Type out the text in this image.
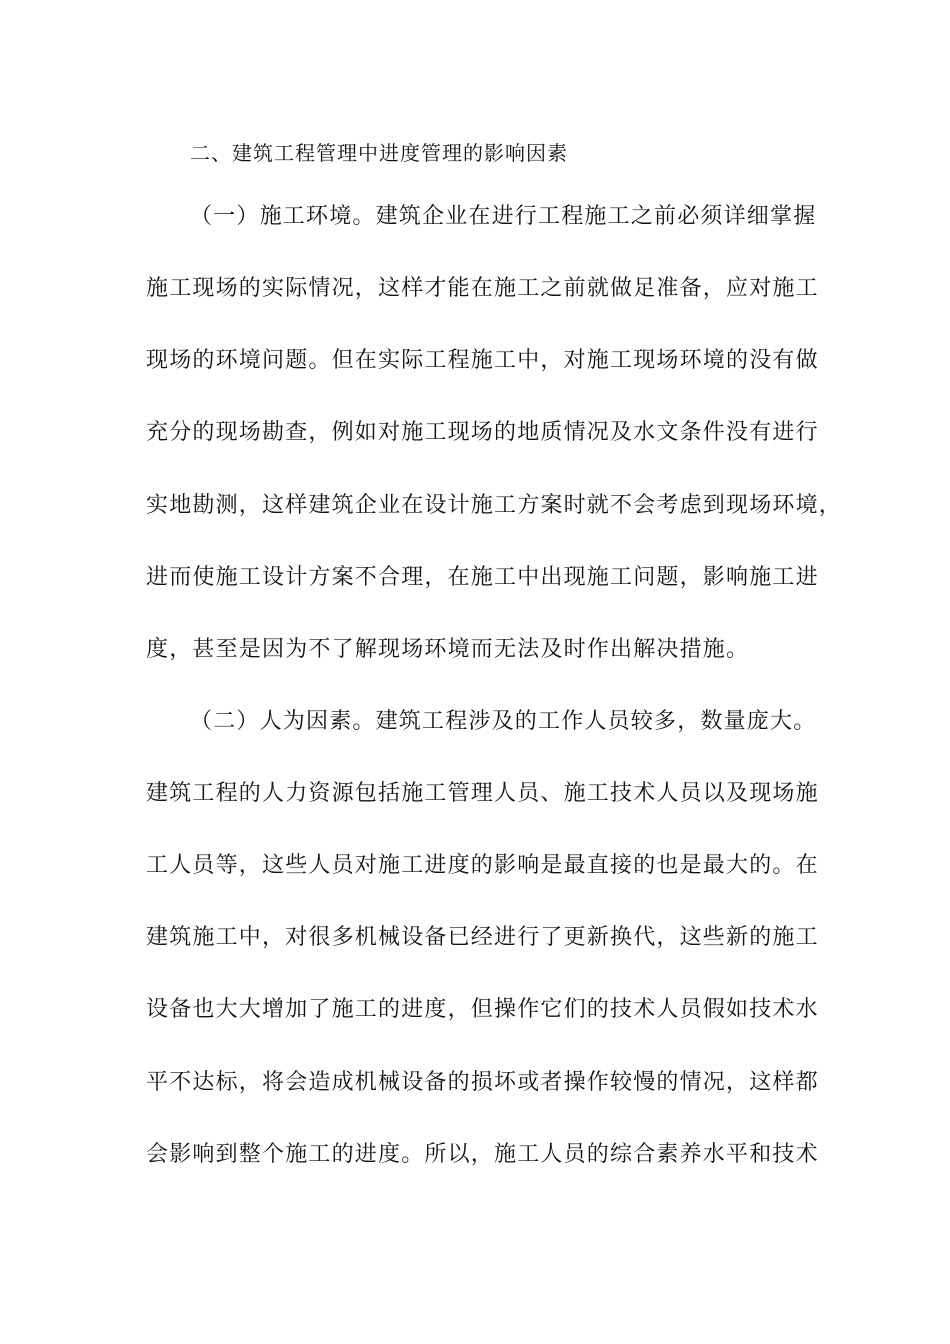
二、建筑工程管理中进度管理的影响因素
（一）施工环境。建筑企业在进行工程施工之前必须详细掌握
施工现场的实际情况，这样才能在施工之前就做足准备，应对施工
现场的环境问题。但在实际工程施工中，对施工现场环境的没有做
充分的现场勘查，例如对施工现场的地质情况及水文条件没有进行
实地勘测，这样建筑企业在设计施工方案时就不会考虑到现场环境，
进而使施工设计方案不合理，在施工中出现施工问题，影响施工进
度，甚至是因为不了解现场环境而无法及时作出解决措施。
（二）人为因素。建筑工程涉及的工作人员较多，数量庞大。
建筑工程的人力资源包括施工管理人员、施工技术人员以及现场施
工人员等，这些人员对施工进度的影响是最直接的也是最大的。在
建筑施工中，对很多机械设备已经进行了更新换代，这些新的施工
设备也大大增加了施工的进度，但操作它们的技术人员假如技术水
平不达标，将会造成机械设备的损坏或者操作较慢的情况，这样都
会影响到整个施工的进度。所以，施工人员的综合素养水平和技术
